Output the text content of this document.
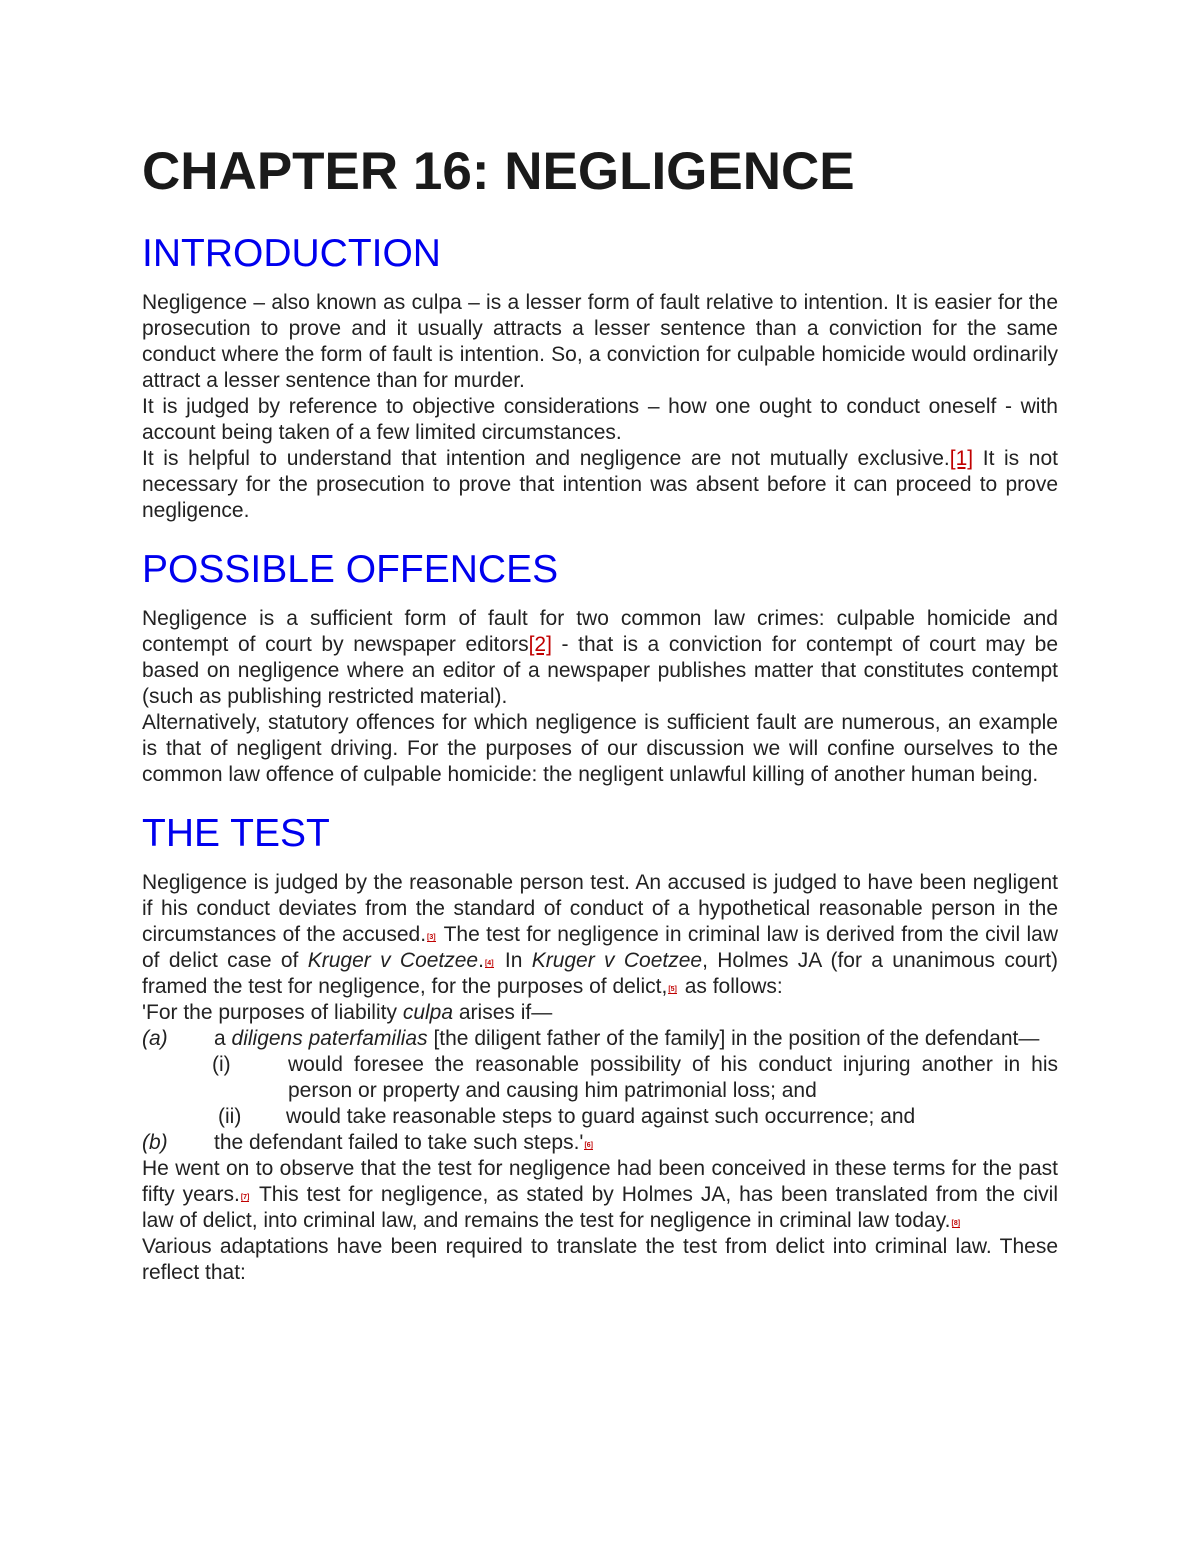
CHAPTER 16: NEGLIGENCE
INTRODUCTION

Negligence – also known as culpa – is a lesser form of fault relative to intention. It is easier for the prosecution to prove and it usually attracts a lesser sentence than a conviction for the same conduct where the form of fault is intention. So, a conviction for culpable homicide would ordinarily attract a lesser sentence than for murder.

It is judged by reference to objective considerations – how one ought to conduct oneself - with account being taken of a few limited circumstances.

It is helpful to understand that intention and negligence are not mutually exclusive.[1] It is not necessary for the prosecution to prove that intention was absent before it can proceed to prove negligence.

POSSIBLE OFFENCES

Negligence is a sufficient form of fault for two common law crimes: culpable homicide and contempt of court by newspaper editors[2] - that is a conviction for contempt of court may be based on negligence where an editor of a newspaper publishes matter that constitutes contempt (such as publishing restricted material).

Alternatively, statutory offences for which negligence is sufficient fault are numerous, an example is that of negligent driving. For the purposes of our discussion we will confine ourselves to the common law offence of culpable homicide: the negligent unlawful killing of another human being.

THE TEST

Negligence is judged by the reasonable person test. An accused is judged to have been negligent if his conduct deviates from the standard of conduct of a hypothetical reasonable person in the circumstances of the accused.[3] The test for negligence in criminal law is derived from the civil law of delict case of Kruger v Coetzee.[4] In Kruger v Coetzee, Holmes JA (for a unanimous court) framed the test for negligence, for the purposes of delict,[5] as follows:

'For the purposes of liability culpa arises if—

(a)	a diligens paterfamilias [the diligent father of the family] in the position of the defendant—
(i)	would foresee the reasonable possibility of his conduct injuring another in his person or property and causing him patrimonial loss; and
(ii)	would take reasonable steps to guard against such occurrence; and
(b)	the defendant failed to take such steps.'[6]

He went on to observe that the test for negligence had been conceived in these terms for the past fifty years.[7] This test for negligence, as stated by Holmes JA, has been translated from the civil law of delict, into criminal law, and remains the test for negligence in criminal law today.[8]

Various adaptations have been required to translate the test from delict into criminal law. These reflect that:
